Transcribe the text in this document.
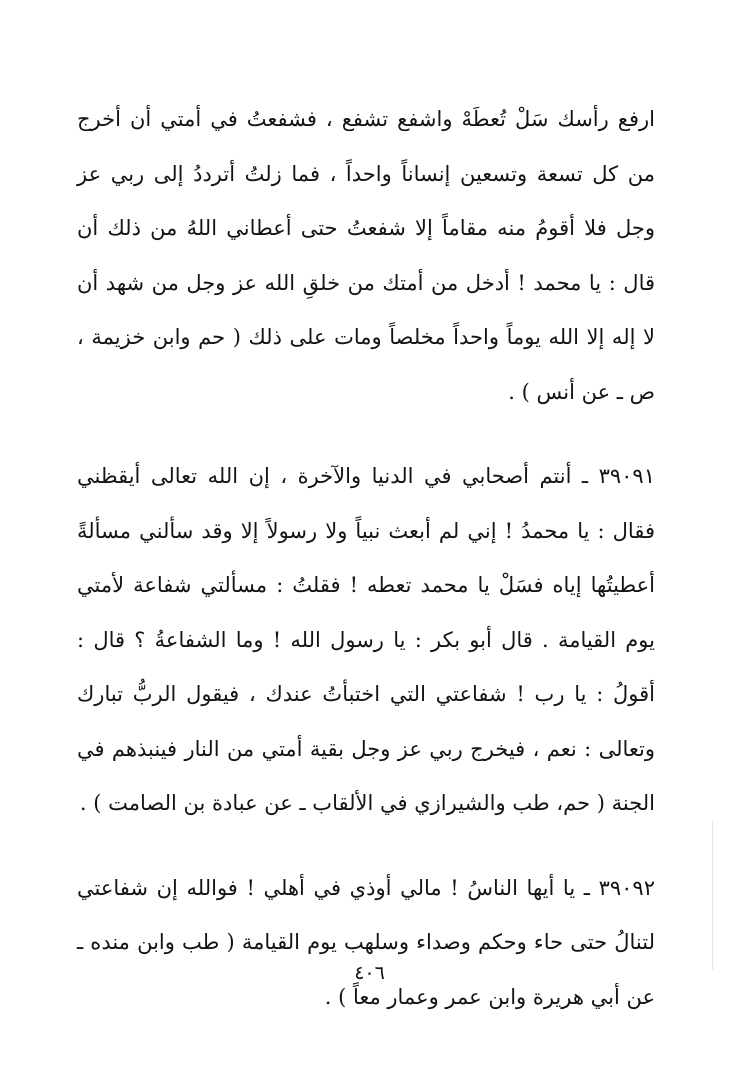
ارفع رأسك سَلْ تُعطَهْ واشفع تشفع ، فشفعتُ في أمتي أن أخرج من كل تسعة وتسعين إنساناً واحداً ، فما زلتُ أترددُ إلى ربي عز وجل فلا أقومُ منه مقاماً إلا شفعتُ حتى أعطاني اللهُ من ذلك أن قال : يا محمد ! أدخل من أمتك من خلقِ الله عز وجل من شهد أن لا إله إلا الله يوماً واحداً مخلصاً ومات على ذلك ( حم وابن خزيمة ، ص ـ عن أنس ) .

٣٩٠٩١ ـ أنتم أصحابي في الدنيا والآخرة ، إن الله تعالى أيقظني فقال : يا محمدُ ! إني لم أبعث نبياً ولا رسولاً إلا وقد سألني مسألةً أعطيتُها إياه فسَلْ يا محمد تعطه ! فقلتُ : مسألتي شفاعة لأمتي يوم القيامة . قال أبو بكر : يا رسول الله ! وما الشفاعةُ ؟ قال : أقولُ : يا رب ! شفاعتي التي اختبأتُ عندك ، فيقول الربُّ تبارك وتعالى : نعم ، فيخرج ربي عز وجل بقية أمتي من النار فينبذهم في الجنة ( حم، طب والشيرازي في الألقاب ـ عن عبادة بن الصامت ) .

٣٩٠٩٢ ـ يا أيها الناسُ ! مالي أوذي في أهلي ! فوالله إن شفاعتي لتنالُ حتى حاء وحكم وصداء وسلهب يوم القيامة ( طب وابن منده ـ عن أبي هريرة وابن عمر وعمار معاً ) .

٤٠٦
